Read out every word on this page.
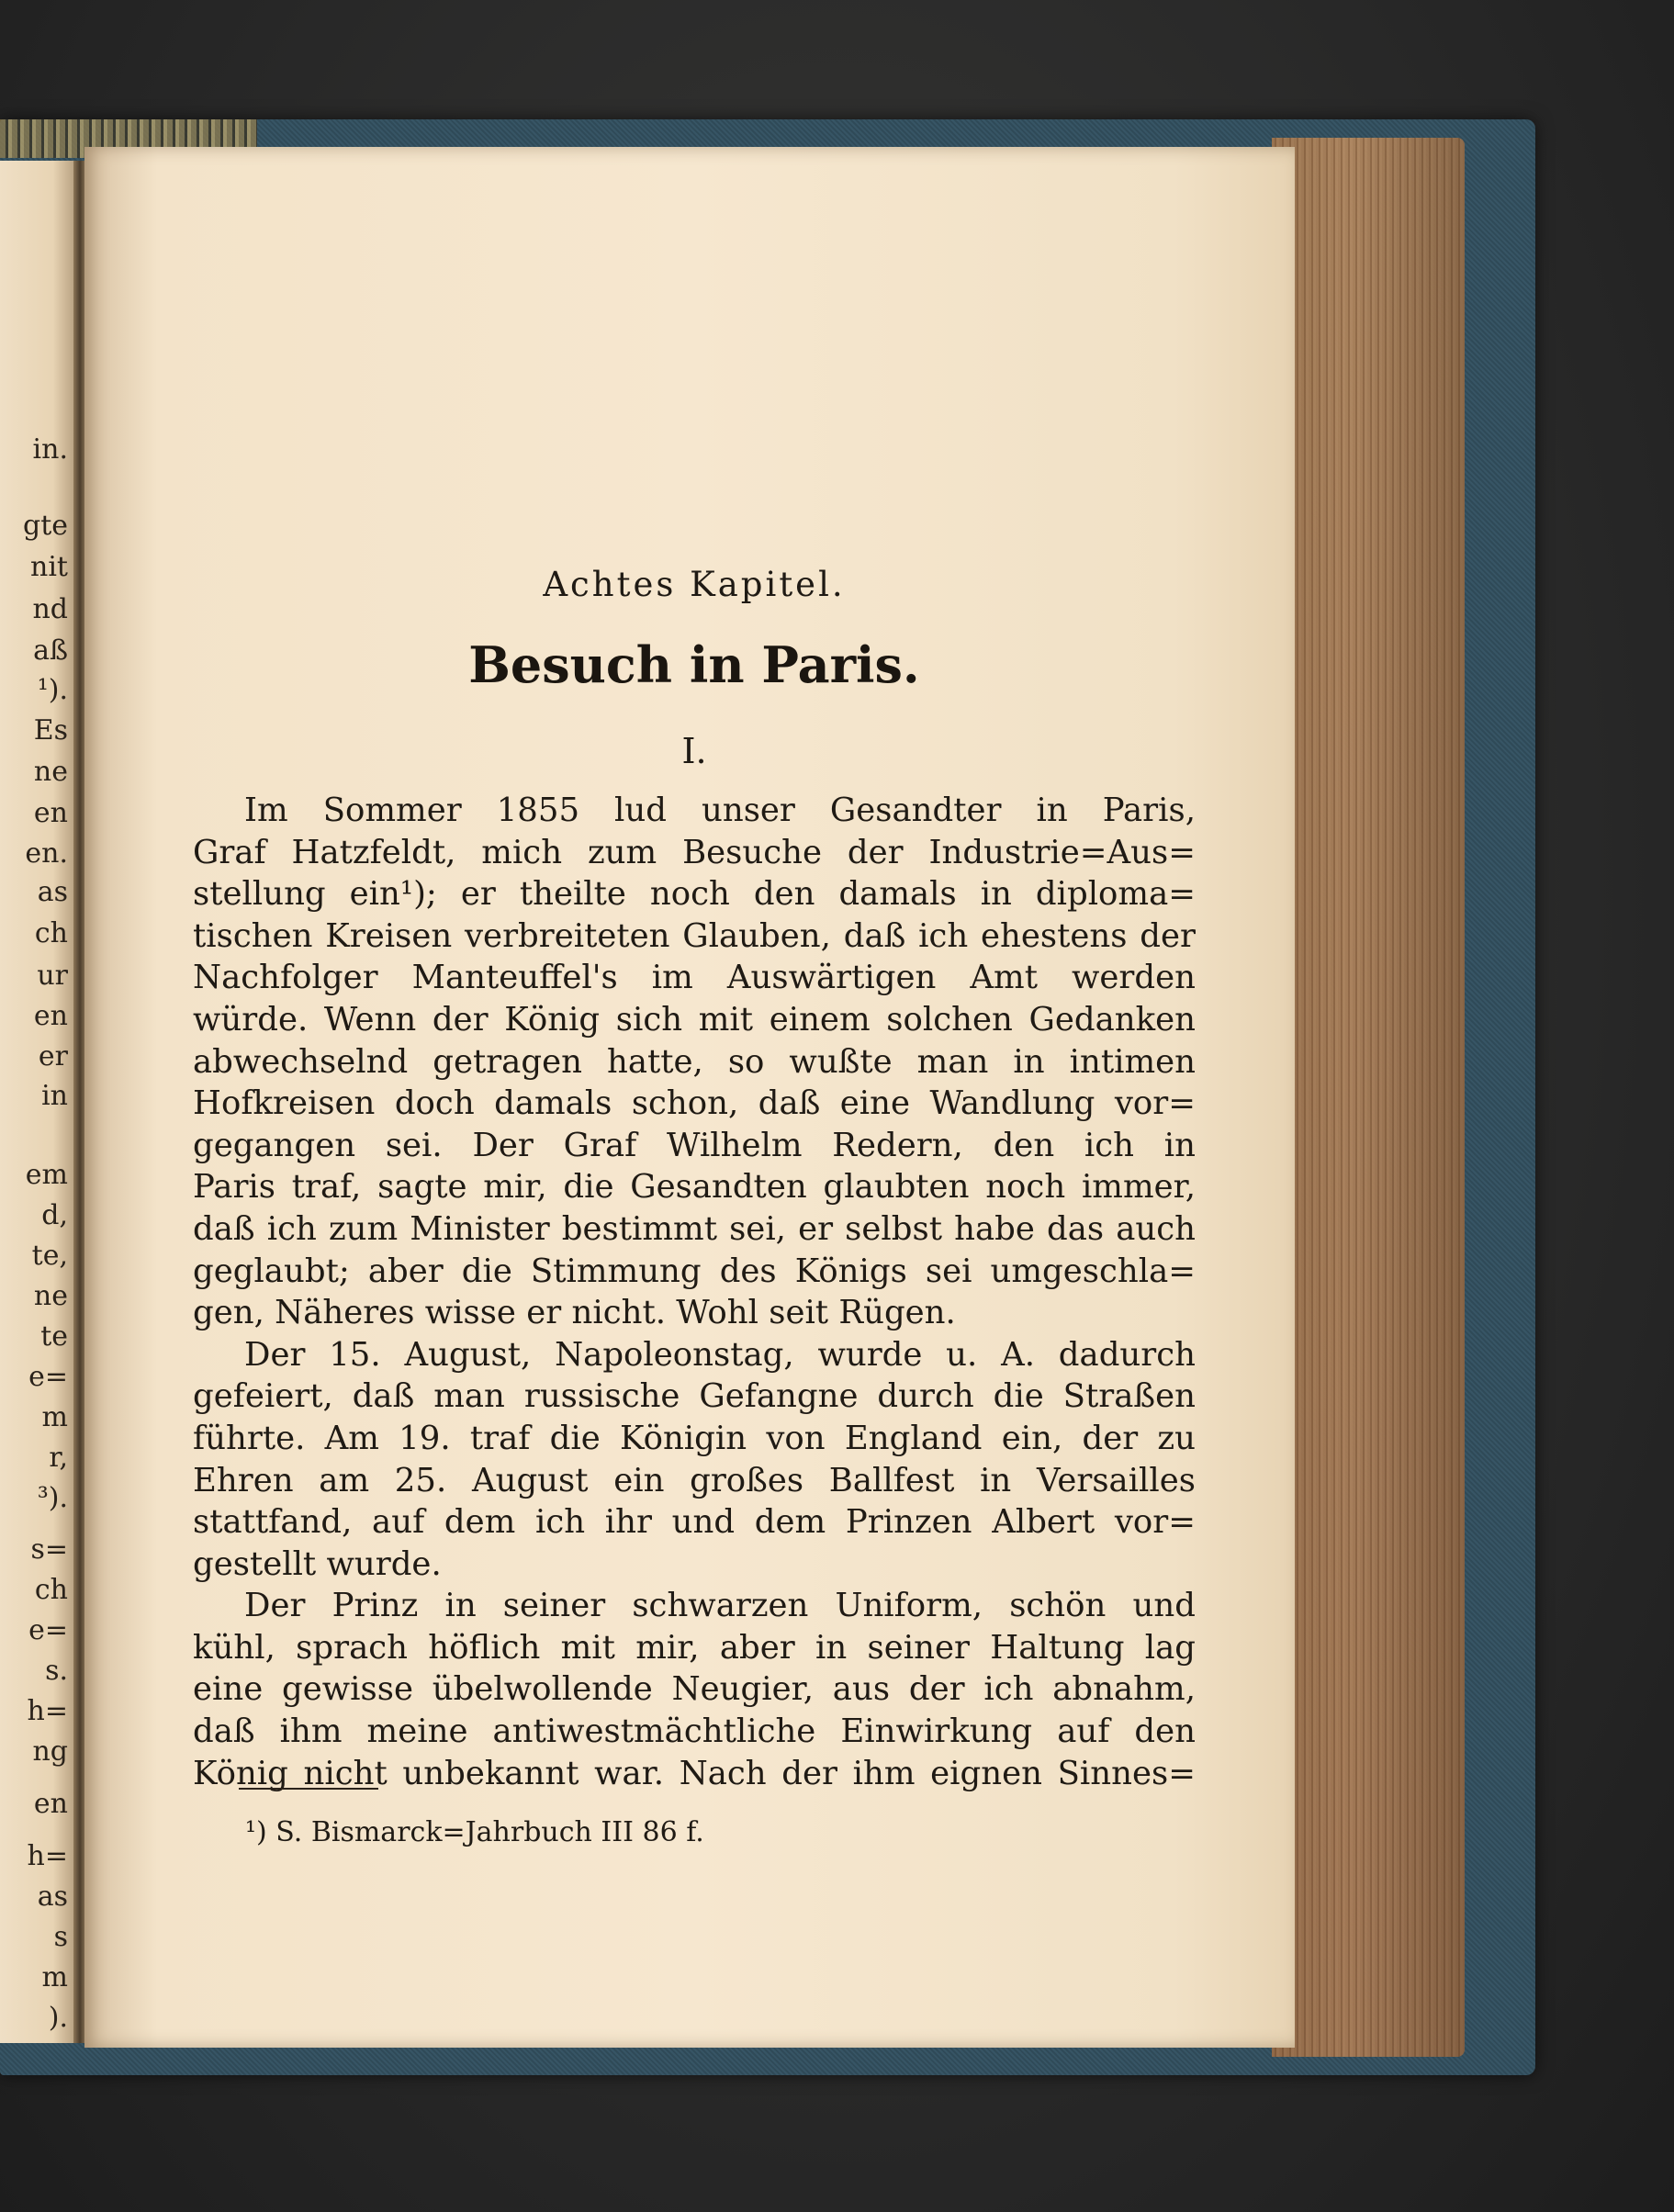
in.
gte
nit
nd
aß
¹).
Es
ne
en
en.
as
ch
ur
en
er
in
em
d,
te,
ne
te
e=
m
r,
³).
s=
ch
e=
s.
h=
ng
en
h=
as
s
m
).
Achtes Kapitel.
Besuch in Paris.
I.
Im Sommer 1855 lud unser Gesandter in Paris,
Graf Hatzfeldt, mich zum Besuche der Industrie=Aus=
stellung ein¹); er theilte noch den damals in diploma=
tischen Kreisen verbreiteten Glauben, daß ich ehestens der
Nachfolger Manteuffel's im Auswärtigen Amt werden
würde. Wenn der König sich mit einem solchen Gedanken
abwechselnd getragen hatte, so wußte man in intimen
Hofkreisen doch damals schon, daß eine Wandlung vor=
gegangen sei. Der Graf Wilhelm Redern, den ich in
Paris traf, sagte mir, die Gesandten glaubten noch immer,
daß ich zum Minister bestimmt sei, er selbst habe das auch
geglaubt; aber die Stimmung des Königs sei umgeschla=
gen, Näheres wisse er nicht. Wohl seit Rügen.
Der 15. August, Napoleonstag, wurde u. A. dadurch
gefeiert, daß man russische Gefangne durch die Straßen
führte. Am 19. traf die Königin von England ein, der zu
Ehren am 25. August ein großes Ballfest in Versailles
stattfand, auf dem ich ihr und dem Prinzen Albert vor=
gestellt wurde.
Der Prinz in seiner schwarzen Uniform, schön und
kühl, sprach höflich mit mir, aber in seiner Haltung lag
eine gewisse übelwollende Neugier, aus der ich abnahm,
daß ihm meine antiwestmächtliche Einwirkung auf den
König nicht unbekannt war. Nach der ihm eignen Sinnes=
¹) S. Bismarck=Jahrbuch III 86 f.
